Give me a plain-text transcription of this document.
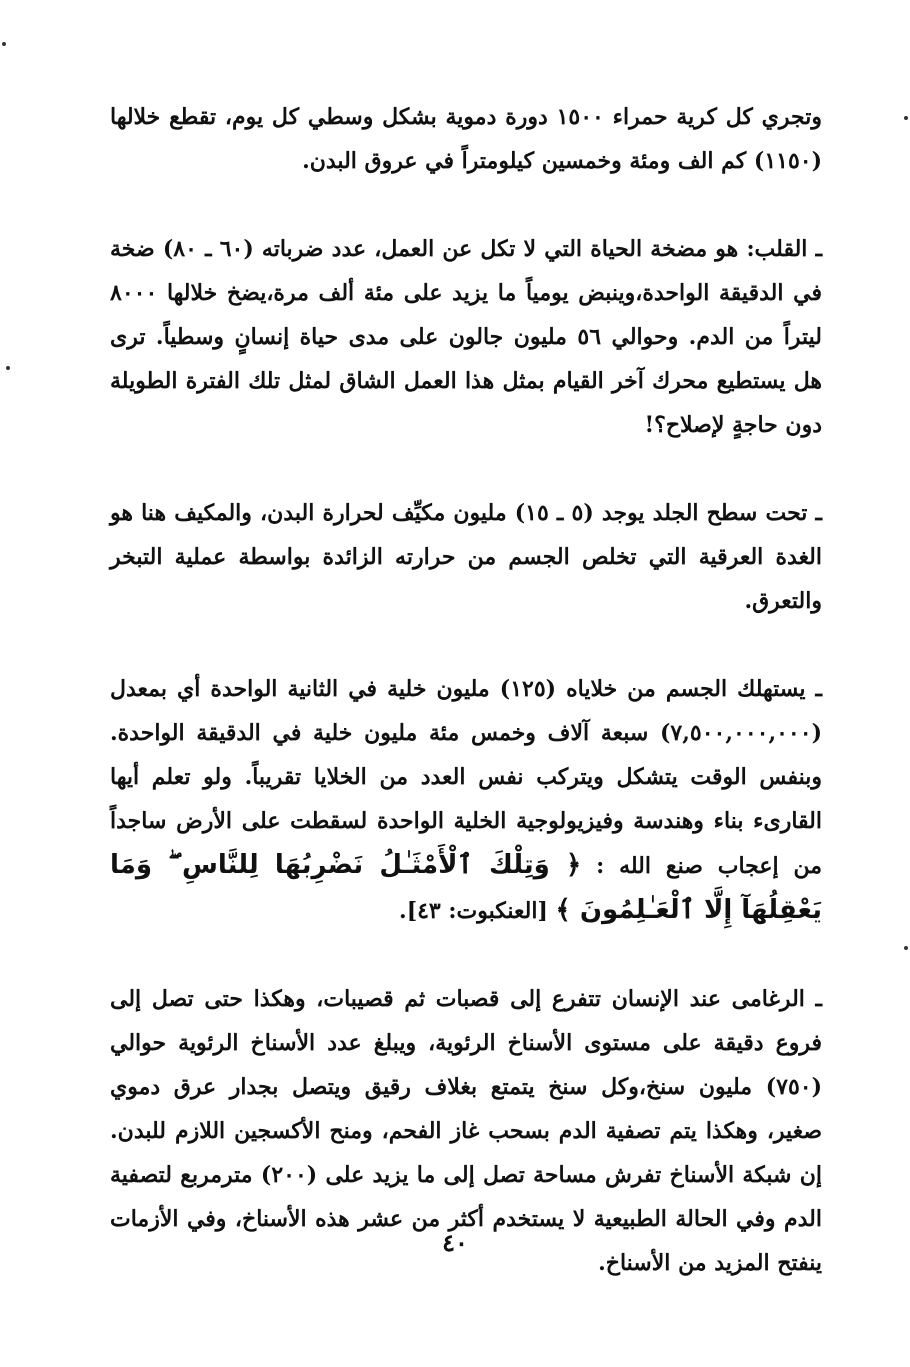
وتجري كل كرية حمراء ١٥٠٠ دورة دموية بشكل وسطي كل يوم، تقطع خلالها (١١٥٠) كم الف ومئة وخمسين كيلومتراً في عروق البدن.

ـ القلب: هو مضخة الحياة التي لا تكل عن العمل، عدد ضرباته (٦٠ ـ ٨٠) ضخة في الدقيقة الواحدة،وينبض يومياً ما يزيد على مئة ألف مرة،يضخ خلالها ٨٠٠٠ ليتراً من الدم. وحوالي ٥٦ مليون جالون على مدى حياة إنسانٍ وسطياً. ترى هل يستطيع محرك آخر القيام بمثل هذا العمل الشاق لمثل تلك الفترة الطويلة دون حاجةٍ لإصلاح؟!

ـ تحت سطح الجلد يوجد (٥ ـ ١٥) مليون مكيِّف لحرارة البدن، والمكيف هنا هو الغدة العرقية التي تخلص الجسم من حرارته الزائدة بواسطة عملية التبخر والتعرق.

ـ يستهلك الجسم من خلاياه (١٢٥) مليون خلية في الثانية الواحدة أي بمعدل (٧,٥٠٠,٠٠٠,٠٠٠) سبعة آلاف وخمس مئة مليون خلية في الدقيقة الواحدة. وبنفس الوقت يتشكل ويتركب نفس العدد من الخلايا تقريباً. ولو تعلم أيها القارىء بناء وهندسة وفيزيولوجية الخلية الواحدة لسقطت على الأرض ساجداً من إعجاب صنع الله : ﴿ وَتِلْكَ ٱلْأَمْثَـٰلُ نَضْرِبُهَا لِلنَّاسِ ۖ وَمَا يَعْقِلُهَآ إِلَّا ٱلْعَـٰلِمُونَ ﴾ [العنكبوت: ٤٣].

ـ الرغامى عند الإنسان تتفرع إلى قصبات ثم قصيبات، وهكذا حتى تصل إلى فروع دقيقة على مستوى الأسناخ الرئوية، ويبلغ عدد الأسناخ الرئوية حوالي (٧٥٠) مليون سنخ،وكل سنخ يتمتع بغلاف رقيق ويتصل بجدار عرق دموي صغير، وهكذا يتم تصفية الدم بسحب غاز الفحم، ومنح الأكسجين اللازم للبدن. إن شبكة الأسناخ تفرش مساحة تصل إلى ما يزيد على (٢٠٠) مترمربع لتصفية الدم وفي الحالة الطبيعية لا يستخدم أكثر من عشر هذه الأسناخ، وفي الأزمات ينفتح المزيد من الأسناخ.

٤٠
